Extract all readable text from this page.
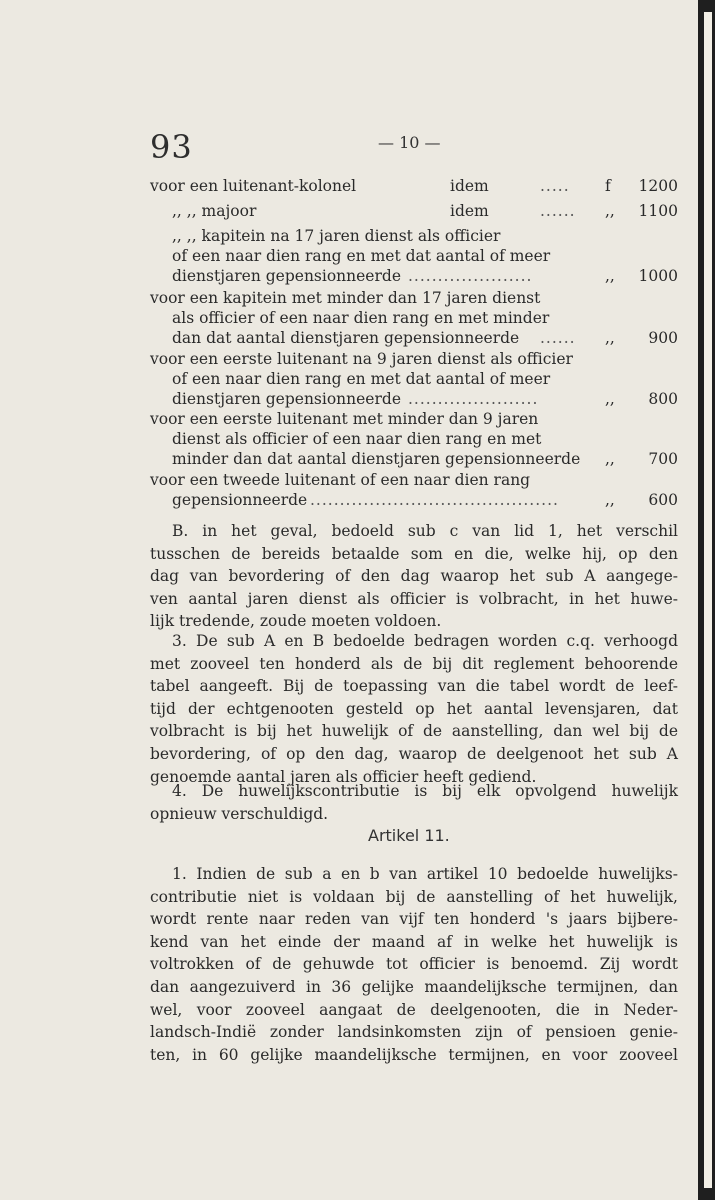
93	— 10 —
voor een luitenant-kolonel	idem	..... f 1200
,, ,, majoor	idem	...... ,, 1100
,, ,, kapitein na 17 jaren dienst als officier
of een naar dien rang en met dat aantal of meer
dienstjaren gepensionneerde .....................	,, 1000
voor een kapitein met minder dan 17 jaren dienst
als officier of een naar dien rang en met minder
dan dat aantal dienstjaren gepensionneerde ...... ,, 900
voor een eerste luitenant na 9 jaren dienst als officier
of een naar dien rang en met dat aantal of meer
dienstjaren gepensionneerde ......................	,, 800
voor een eerste luitenant met minder dan 9 jaren
dienst als officier of een naar dien rang en met
minder dan dat aantal dienstjaren gepensionneerde ,, 700
voor een tweede luitenant of een naar dien rang
gepensionneerde ..........................................	,, 600
B. in het geval, bedoeld sub c van lid 1, het verschil
tusschen de bereids betaalde som en die, welke hij, op den
dag van bevordering of den dag waarop het sub A aangege-
ven aantal jaren dienst als officier is volbracht, in het huwe-
lijk tredende, zoude moeten voldoen.
3. De sub A en B bedoelde bedragen worden c.q. verhoogd
met zooveel ten honderd als de bij dit reglement behoorende
tabel aangeeft. Bij de toepassing van die tabel wordt de leef-
tijd der echtgenooten gesteld op het aantal levensjaren, dat
volbracht is bij het huwelijk of de aanstelling, dan wel bij de
bevordering, of op den dag, waarop de deelgenoot het sub A
genoemde aantal jaren als officier heeft gediend.
4. De huwelijkscontributie is bij elk opvolgend huwelijk
opnieuw verschuldigd.
Artikel 11.
1. Indien de sub a en b van artikel 10 bedoelde huwelijks-
contributie niet is voldaan bij de aanstelling of het huwelijk,
wordt rente naar reden van vijf ten honderd 's jaars bijbere-
kend van het einde der maand af in welke het huwelijk is
voltrokken of de gehuwde tot officier is benoemd. Zij wordt
dan aangezuiverd in 36 gelijke maandelijksche termijnen, dan
wel, voor zooveel aangaat de deelgenooten, die in Neder-
landsch-Indië zonder landsinkomsten zijn of pensioen genie-
ten, in 60 gelijke maandelijksche termijnen, en voor zooveel
